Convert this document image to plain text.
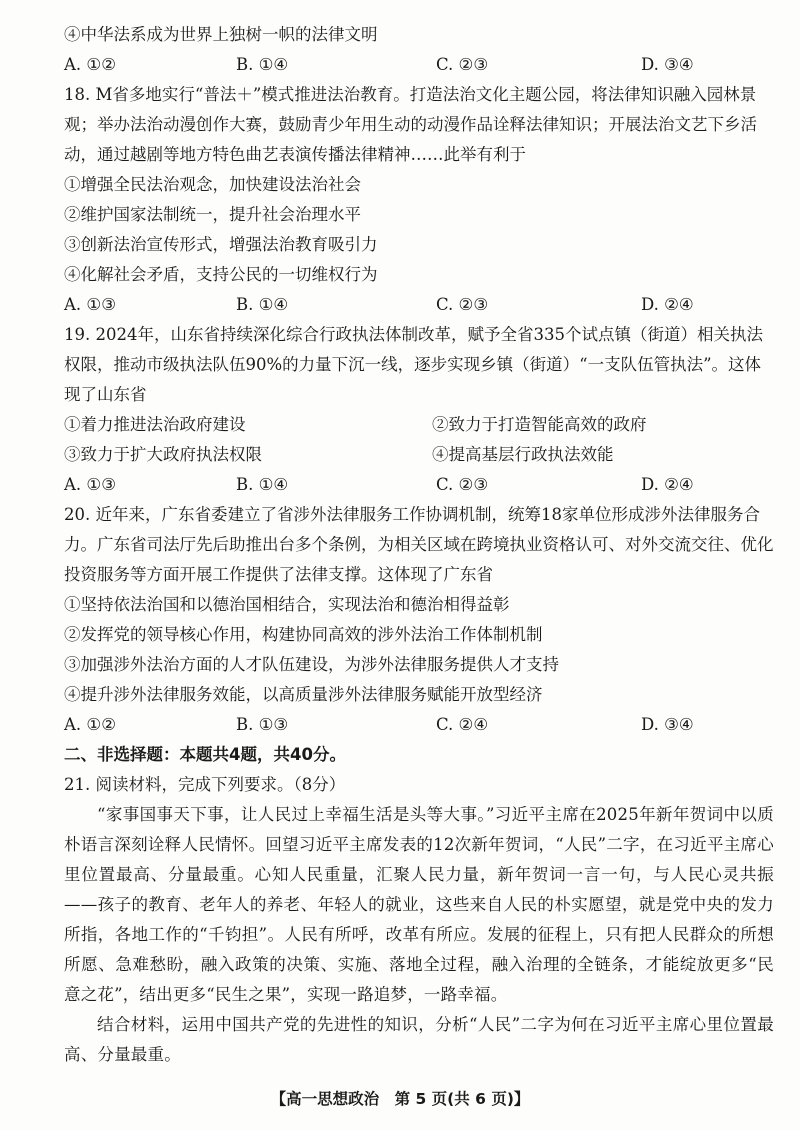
④中华法系成为世界上独树一帜的法律文明
A. ①②	B. ①④	C. ②③	D. ③④
18. M省多地实行“普法＋”模式推进法治教育。打造法治文化主题公园，将法律知识融入园林景观；举办法治动漫创作大赛，鼓励青少年用生动的动漫作品诠释法律知识；开展法治文艺下乡活动，通过越剧等地方特色曲艺表演传播法律精神……此举有利于
①增强全民法治观念，加快建设法治社会
②维护国家法制统一，提升社会治理水平
③创新法治宣传形式，增强法治教育吸引力
④化解社会矛盾，支持公民的一切维权行为
A. ①③	B. ①④	C. ②③	D. ②④
19. 2024年，山东省持续深化综合行政执法体制改革，赋予全省335个试点镇（街道）相关执法权限，推动市级执法队伍90%的力量下沉一线，逐步实现乡镇（街道）“一支队伍管执法”。这体现了山东省
①着力推进法治政府建设	②致力于打造智能高效的政府
③致力于扩大政府执法权限	④提高基层行政执法效能
A. ①③	B. ①④	C. ②③	D. ②④
20. 近年来，广东省委建立了省涉外法律服务工作协调机制，统筹18家单位形成涉外法律服务合力。广东省司法厅先后助推出台多个条例，为相关区域在跨境执业资格认可、对外交流交往、优化投资服务等方面开展工作提供了法律支撑。这体现了广东省
①坚持依法治国和以德治国相结合，实现法治和德治相得益彰
②发挥党的领导核心作用，构建协同高效的涉外法治工作体制机制
③加强涉外法治方面的人才队伍建设，为涉外法律服务提供人才支持
④提升涉外法律服务效能，以高质量涉外法律服务赋能开放型经济
A. ①②	B. ①③	C. ②④	D. ③④
二、非选择题：本题共4题，共40分。
21. 阅读材料，完成下列要求。（8分）
“家事国事天下事，让人民过上幸福生活是头等大事。”习近平主席在2025年新年贺词中以质朴语言深刻诠释人民情怀。回望习近平主席发表的12次新年贺词，“人民”二字，在习近平主席心里位置最高、分量最重。心知人民重量，汇聚人民力量，新年贺词一言一句，与人民心灵共振——孩子的教育、老年人的养老、年轻人的就业，这些来自人民的朴实愿望，就是党中央的发力所指，各地工作的“千钧担”。人民有所呼，改革有所应。发展的征程上，只有把人民群众的所想所愿、急难愁盼，融入政策的决策、实施、落地全过程，融入治理的全链条，才能绽放更多“民意之花”，结出更多“民生之果”，实现一路追梦，一路幸福。
结合材料，运用中国共产党的先进性的知识，分析“人民”二字为何在习近平主席心里位置最高、分量最重。
【高一思想政治　第 5 页(共 6 页)】
